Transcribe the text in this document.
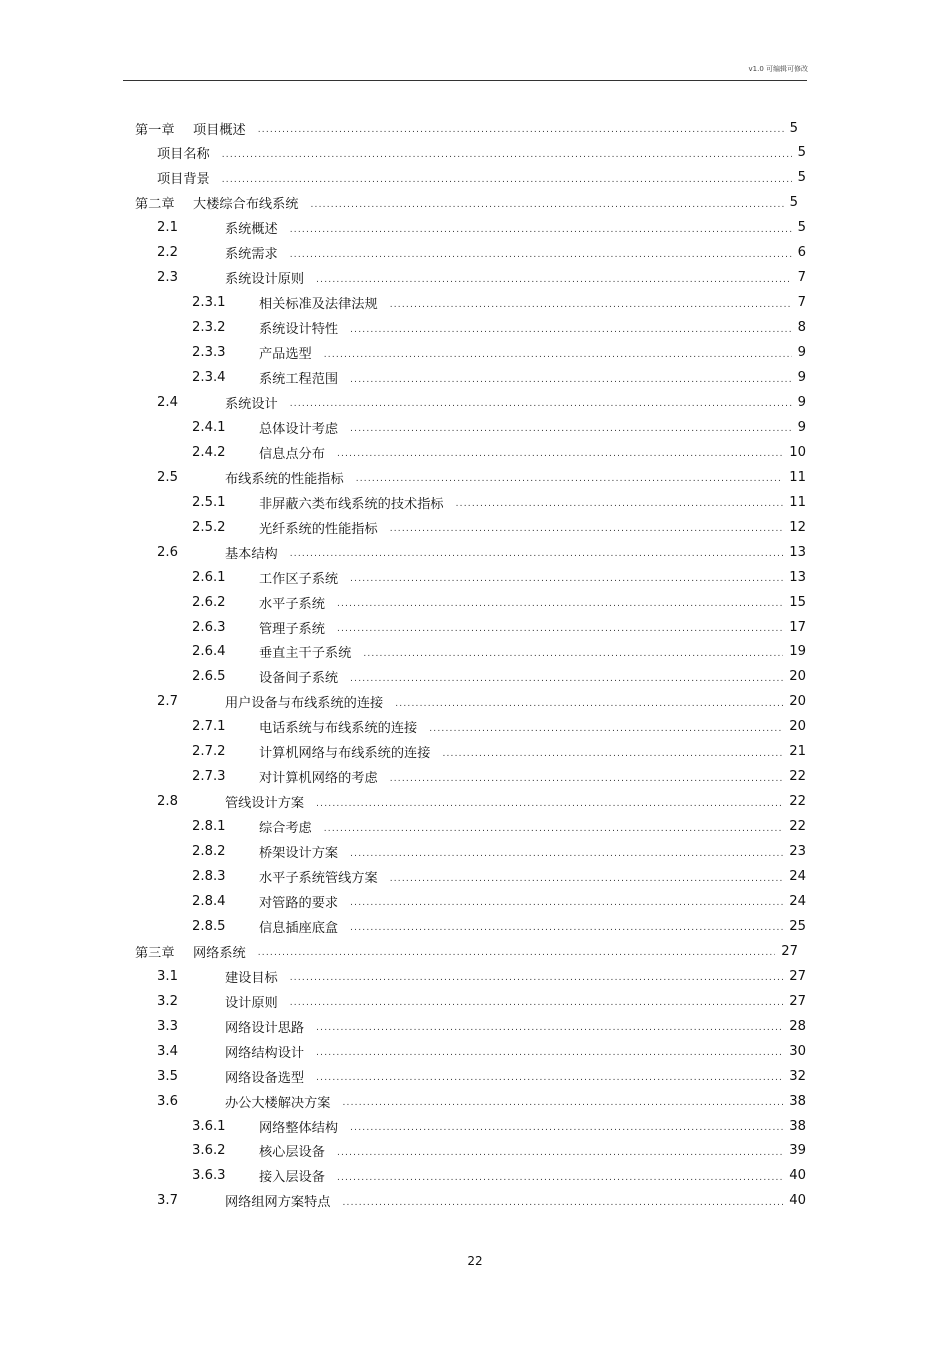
v1.0 可编辑可修改
第一章	项目概述 .....	5
项目名称 .....	5
项目背景 .....	5
第二章	大楼综合布线系统 .....	5
2.1	系统概述 .....	5
2.2	系统需求 .....	6
2.3	系统设计原则 .....	7
2.3.1	相关标准及法律法规 .....	7
2.3.2	系统设计特性 .....	8
2.3.3	产品选型 .....	9
2.3.4	系统工程范围 .....	9
2.4	系统设计 .....	9
2.4.1	总体设计考虑 .....	9
2.4.2	信息点分布 .....	10
2.5	布线系统的性能指标 .....	11
2.5.1	非屏蔽六类布线系统的技术指标 .....	11
2.5.2	光纤系统的性能指标 .....	12
2.6	基本结构 .....	13
2.6.1	工作区子系统 .....	13
2.6.2	水平子系统 .....	15
2.6.3	管理子系统 .....	17
2.6.4	垂直主干子系统 .....	19
2.6.5	设备间子系统 .....	20
2.7	用户设备与布线系统的连接 .....	20
2.7.1	电话系统与布线系统的连接 .....	20
2.7.2	计算机网络与布线系统的连接 .....	21
2.7.3	对计算机网络的考虑 .....	22
2.8	管线设计方案 .....	22
2.8.1	综合考虑 .....	22
2.8.2	桥架设计方案 .....	23
2.8.3	水平子系统管线方案 .....	24
2.8.4	对管路的要求 .....	24
2.8.5	信息插座底盒 .....	25
第三章	网络系统 .....	27
3.1	建设目标 .....	27
3.2	设计原则 .....	27
3.3	网络设计思路 .....	28
3.4	网络结构设计 .....	30
3.5	网络设备选型 .....	32
3.6	办公大楼解决方案 .....	38
3.6.1	网络整体结构 .....	38
3.6.2	核心层设备 .....	39
3.6.3	接入层设备 .....	40
3.7	网络组网方案特点 .....	40
22
